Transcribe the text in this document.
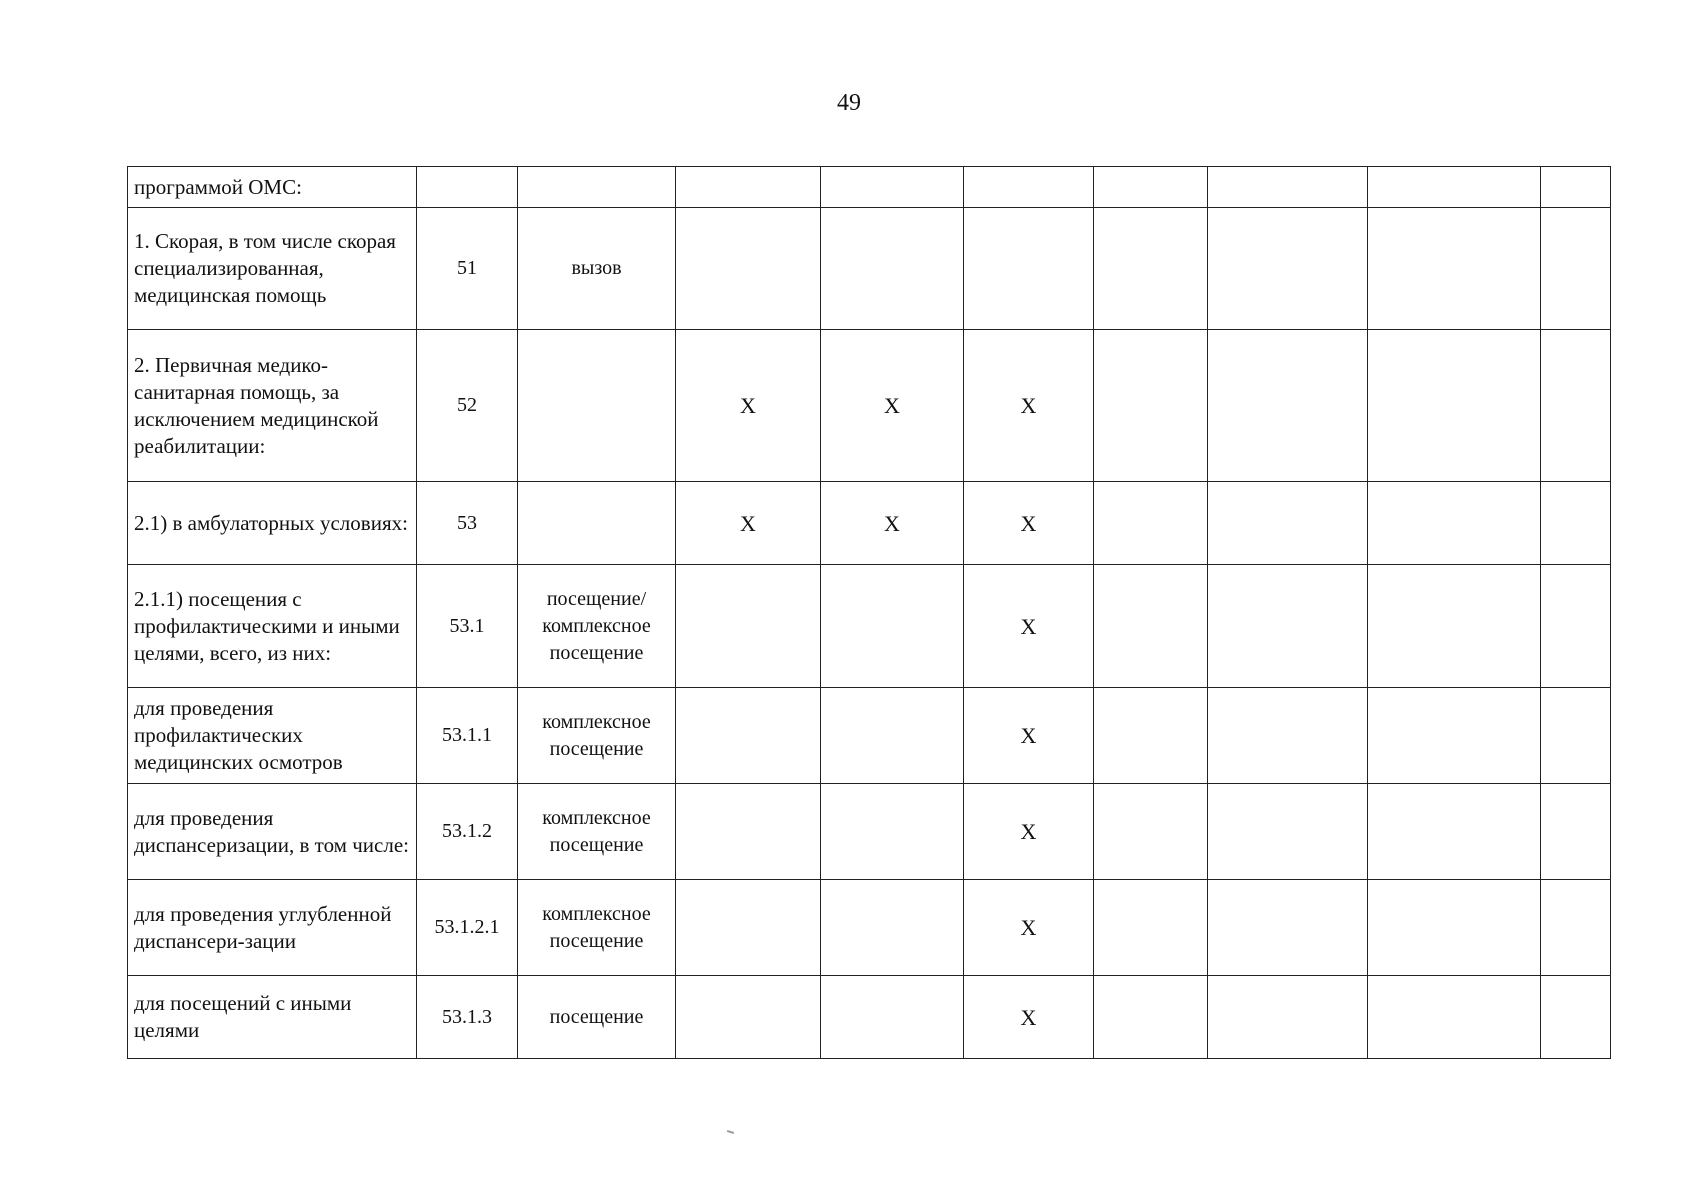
49
программой ОМС:									
1. Скорая, в том числе скорая специализированная, медицинская помощь	51	вызов							
2. Первичная медико-санитарная помощь, за исключением медицинской реабилитации:	52		Х	Х	Х				
2.1) в амбулаторных условиях:	53		Х	Х	Х				
2.1.1) посещения с профилактическими и иными целями, всего, из них:	53.1	посещение/ комплексное посещение			Х				
для проведения профилактических медицинских осмотров	53.1.1	комплексное посещение			Х				
для проведения диспансеризации, в том числе:	53.1.2	комплексное посещение			Х				
для проведения углубленной диспансери-зации	53.1.2.1	комплексное посещение			Х				
для посещений с иными целями	53.1.3	посещение			Х				
